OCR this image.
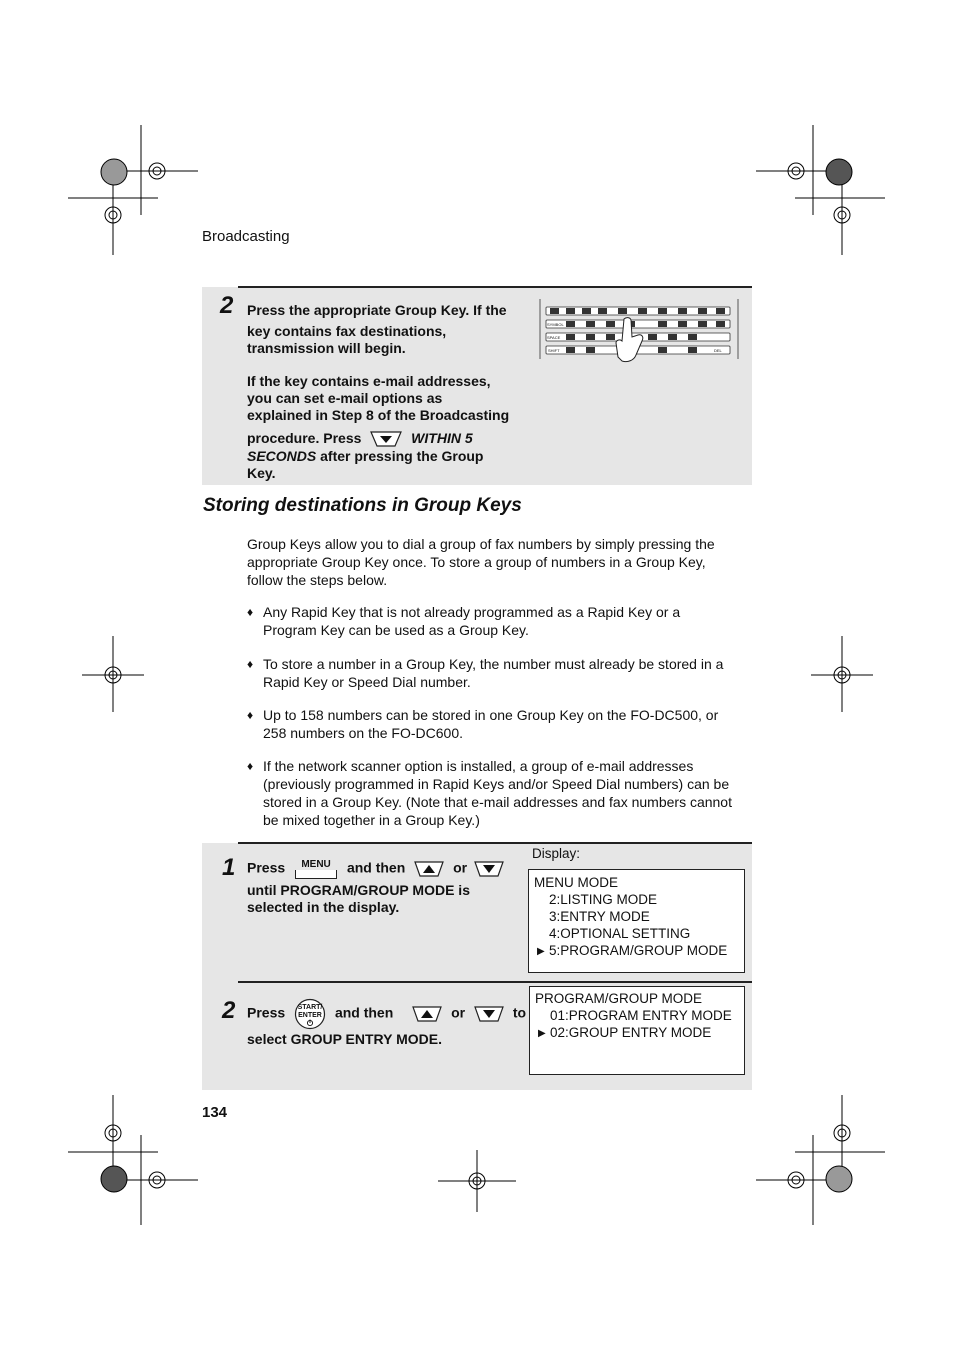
Broadcasting
2 Press the appropriate Group Key. If the
key contains fax destinations,
transmission will begin.
If the key contains e-mail addresses,
you can set e-mail options as
explained in Step 8 of the Broadcasting
procedure. Press	WITHIN 5
SECONDS after pressing the Group
Key.
SYMBOL
SPACE
SHIFT	DEL
Storing destinations in Group Keys
Group Keys allow you to dial a group of fax numbers by simply pressing the
appropriate Group Key once. To store a group of numbers in a Group Key,
follow the steps below.
♦ Any Rapid Key that is not already programmed as a Rapid Key or a
Program Key can be used as a Group Key.
♦ To store a number in a Group Key, the number must already be stored in a
Rapid Key or Speed Dial number.
♦ Up to 158 numbers can be stored in one Group Key on the FO-DC500, or
258 numbers on the FO-DC600.
♦ If the network scanner option is installed, a group of e-mail addresses
(previously programmed in Rapid Keys and/or Speed Dial numbers) can be
stored in a Group Key. (Note that e-mail addresses and fax numbers cannot
be mixed together in a Group Key.)
1 Press	MENU	and then	or
until PROGRAM/GROUP MODE is
selected in the display.
Display:
MENU MODE
2:LISTING MODE
3:ENTRY MODE
4:OPTIONAL SETTING
▶ 5:PROGRAM/GROUP MODE
2 Press START/
ENTER and then	or	to
select GROUP ENTRY MODE.
PROGRAM/GROUP MODE
01:PROGRAM ENTRY MODE
▶ 02:GROUP ENTRY MODE
134
